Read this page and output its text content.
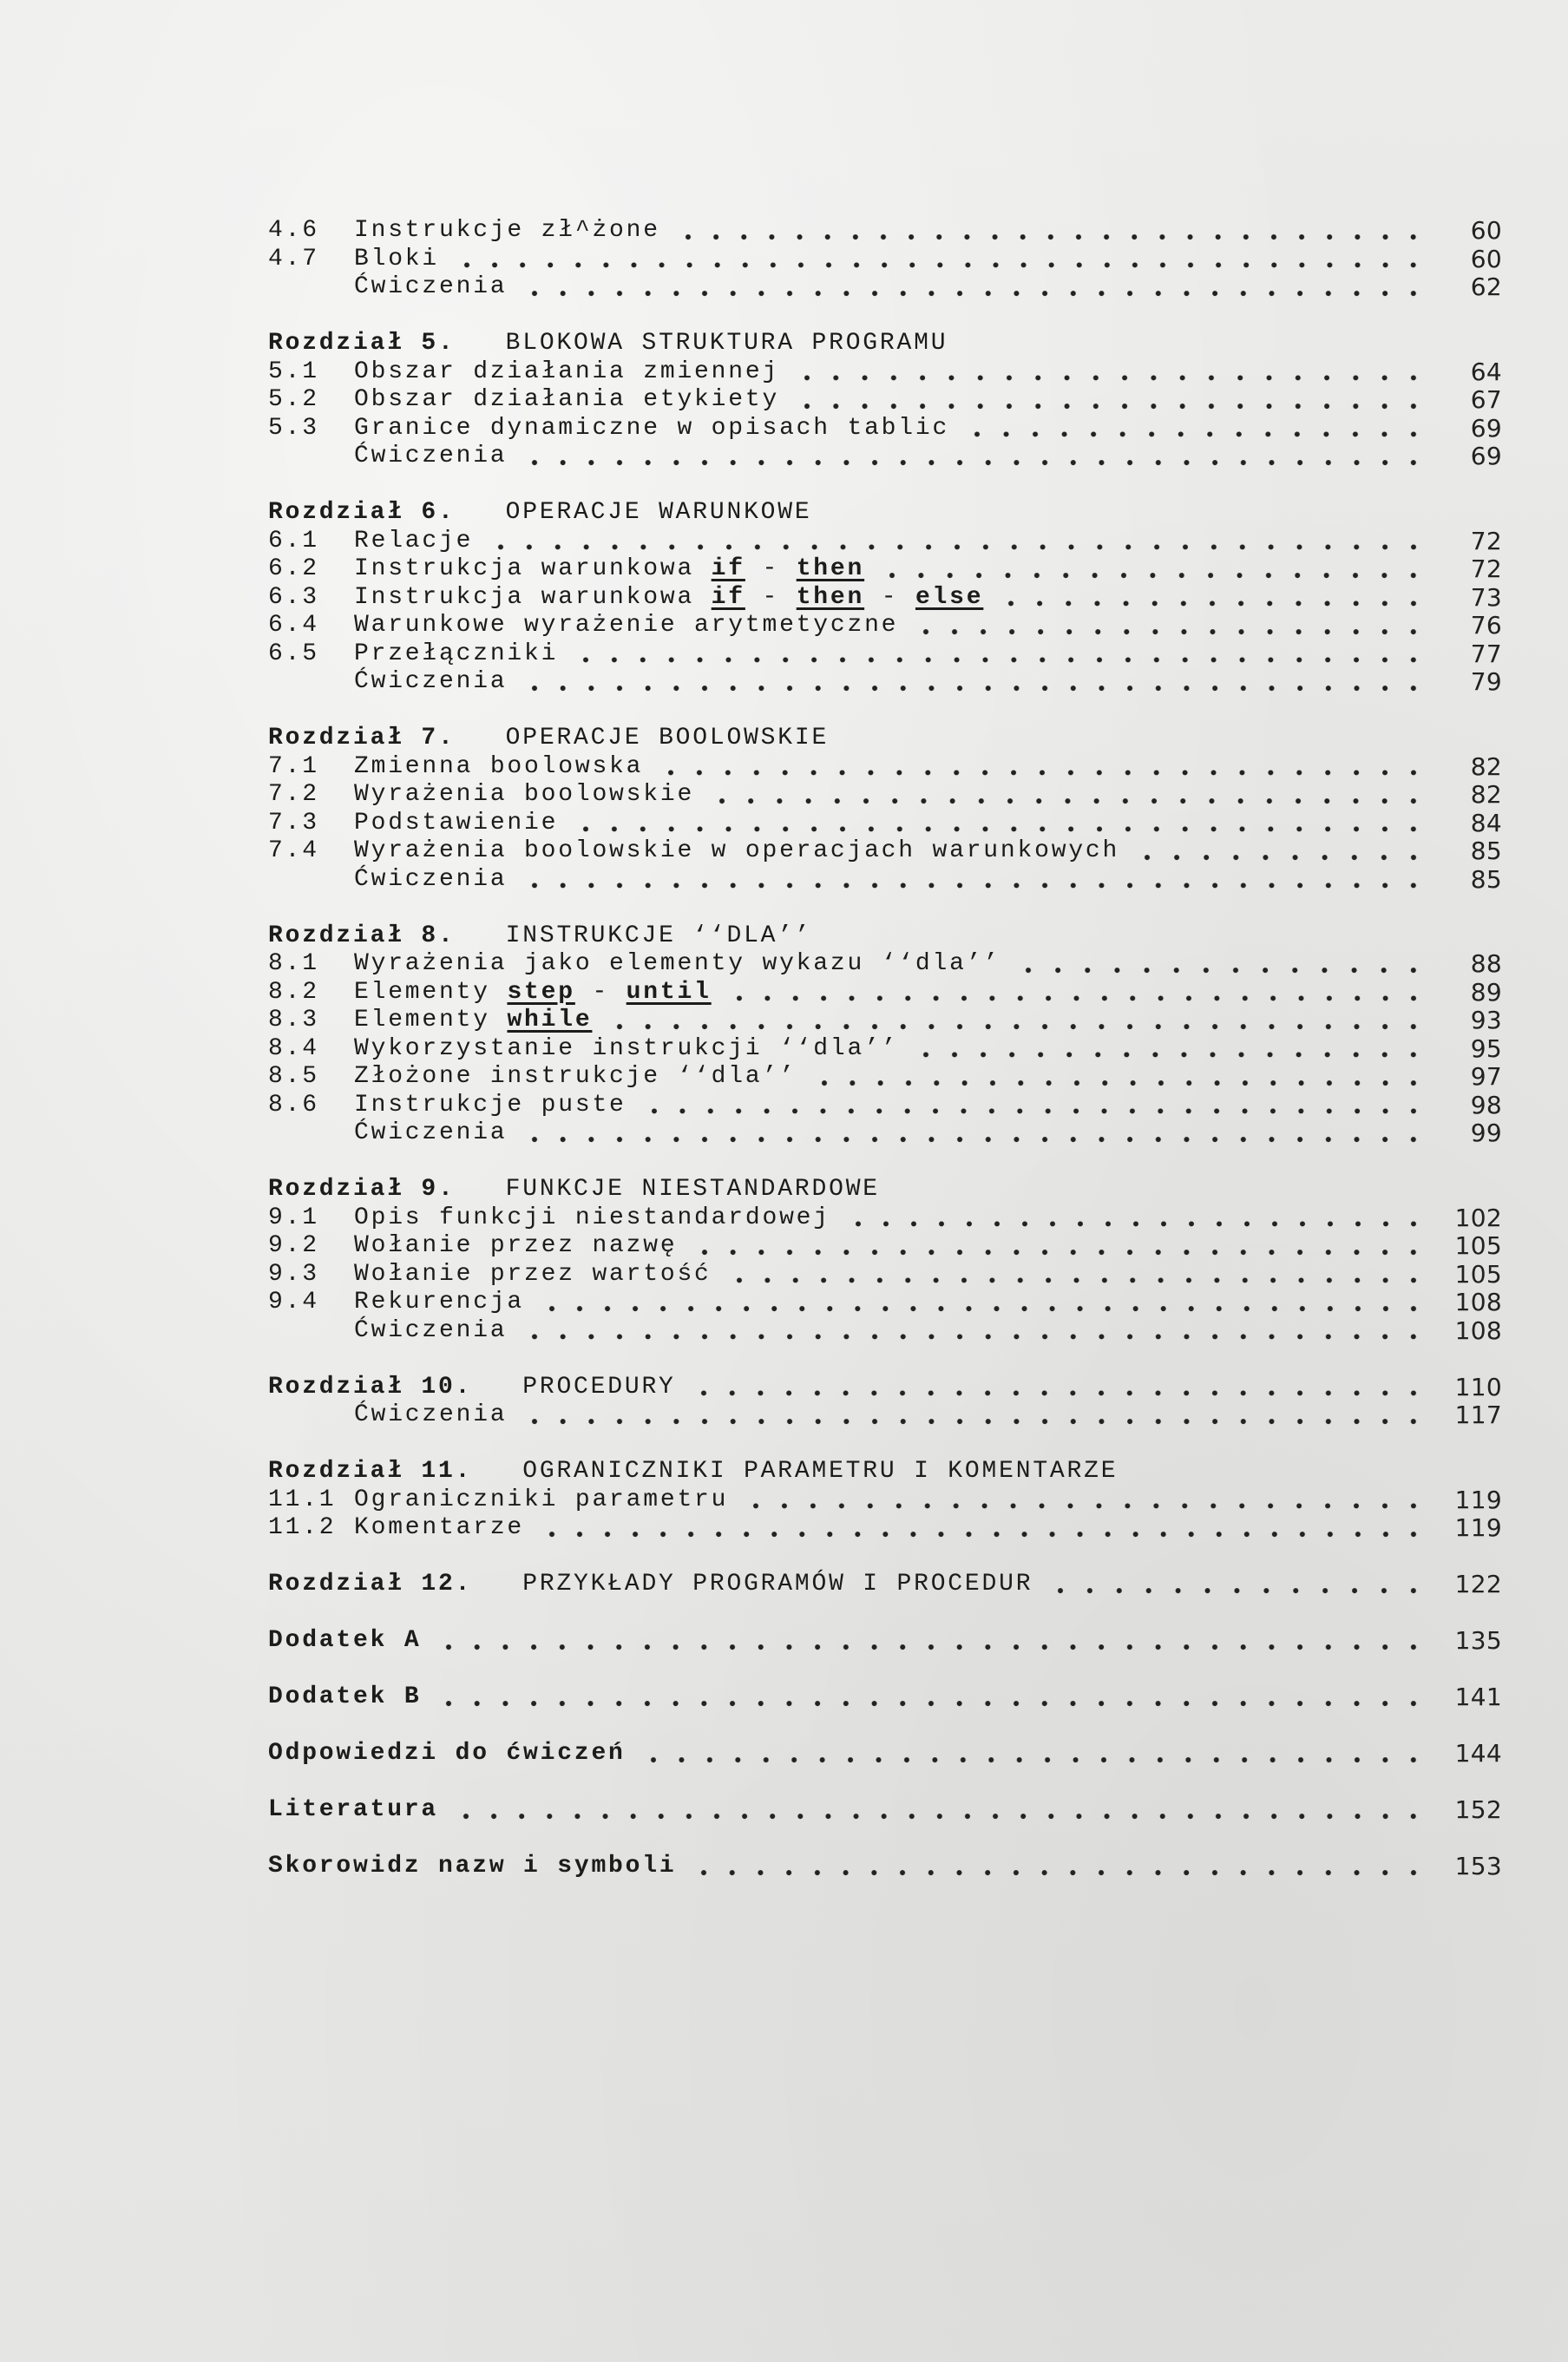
4.6	Instrukcje zł^żone	60
4.7	Bloki	60
Ćwiczenia	62
Rozdział 5. BLOKOWA STRUKTURA PROGRAMU
5.1	Obszar działania zmiennej	64
5.2	Obszar działania etykiety	67
5.3	Granice dynamiczne w opisach tablic	69
Ćwiczenia	69
Rozdział 6. OPERACJE WARUNKOWE
6.1	Relacje	72
6.2	Instrukcja warunkowa if - then	72
6.3	Instrukcja warunkowa if - then - else	73
6.4	Warunkowe wyrażenie arytmetyczne	76
6.5	Przełączniki	77
Ćwiczenia	79
Rozdział 7. OPERACJE BOOLOWSKIE
7.1	Zmienna boolowska	82
7.2	Wyrażenia boolowskie	82
7.3	Podstawienie	84
7.4	Wyrażenia boolowskie w operacjach warunkowych	85
Ćwiczenia	85
Rozdział 8. INSTRUKCJE ‘‘DLA’’
8.1	Wyrażenia jako elementy wykazu ‘‘dla’’	88
8.2	Elementy step - until	89
8.3	Elementy while	93
8.4	Wykorzystanie instrukcji ‘‘dla’’	95
8.5	Złożone instrukcje ‘‘dla’’	97
8.6	Instrukcje puste	98
Ćwiczenia	99
Rozdział 9. FUNKCJE NIESTANDARDOWE
9.1	Opis funkcji niestandardowej	102
9.2	Wołanie przez nazwę	105
9.3	Wołanie przez wartość	105
9.4	Rekurencja	108
Ćwiczenia	108
Rozdział 10. PROCEDURY	110
Ćwiczenia	117
Rozdział 11. OGRANICZNIKI PARAMETRU I KOMENTARZE
11.1 Ograniczniki parametru	119
11.2 Komentarze	119
Rozdział 12. PRZYKŁADY PROGRAMÓW I PROCEDUR	122
Dodatek A	135
Dodatek B	141
Odpowiedzi do ćwiczeń	144
Literatura	152
Skorowidz nazw i symboli	153
